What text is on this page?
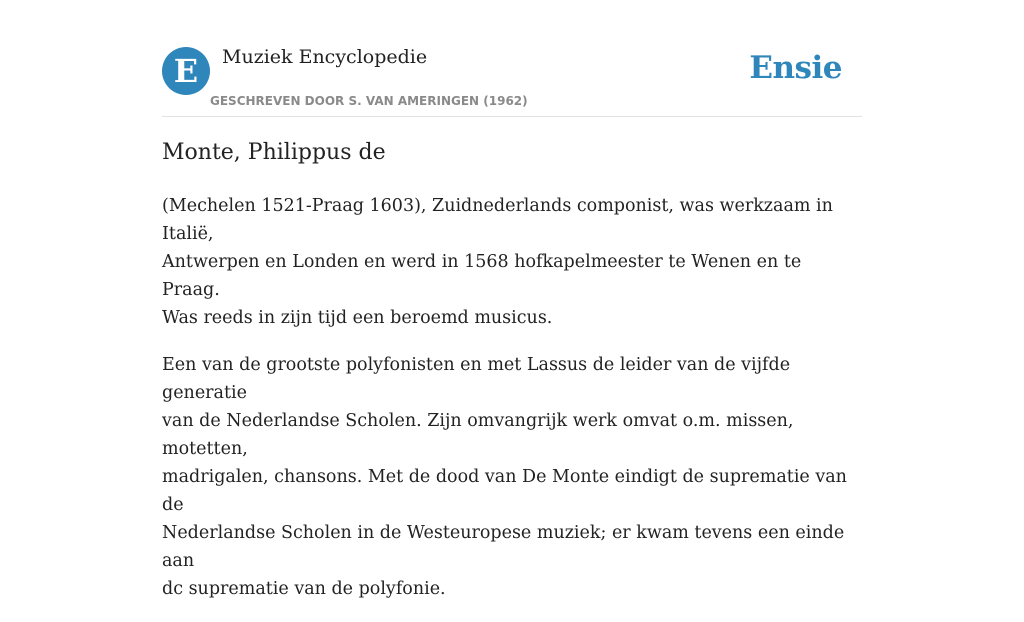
E	Muziek Encyclopedie
GESCHREVEN DOOR S. VAN AMERINGEN (1962)
Ensie
Monte, Philippus de

(Mechelen 1521-Praag 1603), Zuidnederlands componist, was werkzaam in Italië,
Antwerpen en Londen en werd in 1568 hofkapelmeester te Wenen en te Praag.
Was reeds in zijn tijd een beroemd musicus.

Een van de grootste polyfonisten en met Lassus de leider van de vijfde generatie
van de Nederlandse Scholen. Zijn omvangrijk werk omvat o.m. missen, motetten,
madrigalen, chansons. Met de dood van De Monte eindigt de suprematie van de
Nederlandse Scholen in de Westeuropese muziek; er kwam tevens een einde aan
dc suprematie van de polyfonie.
